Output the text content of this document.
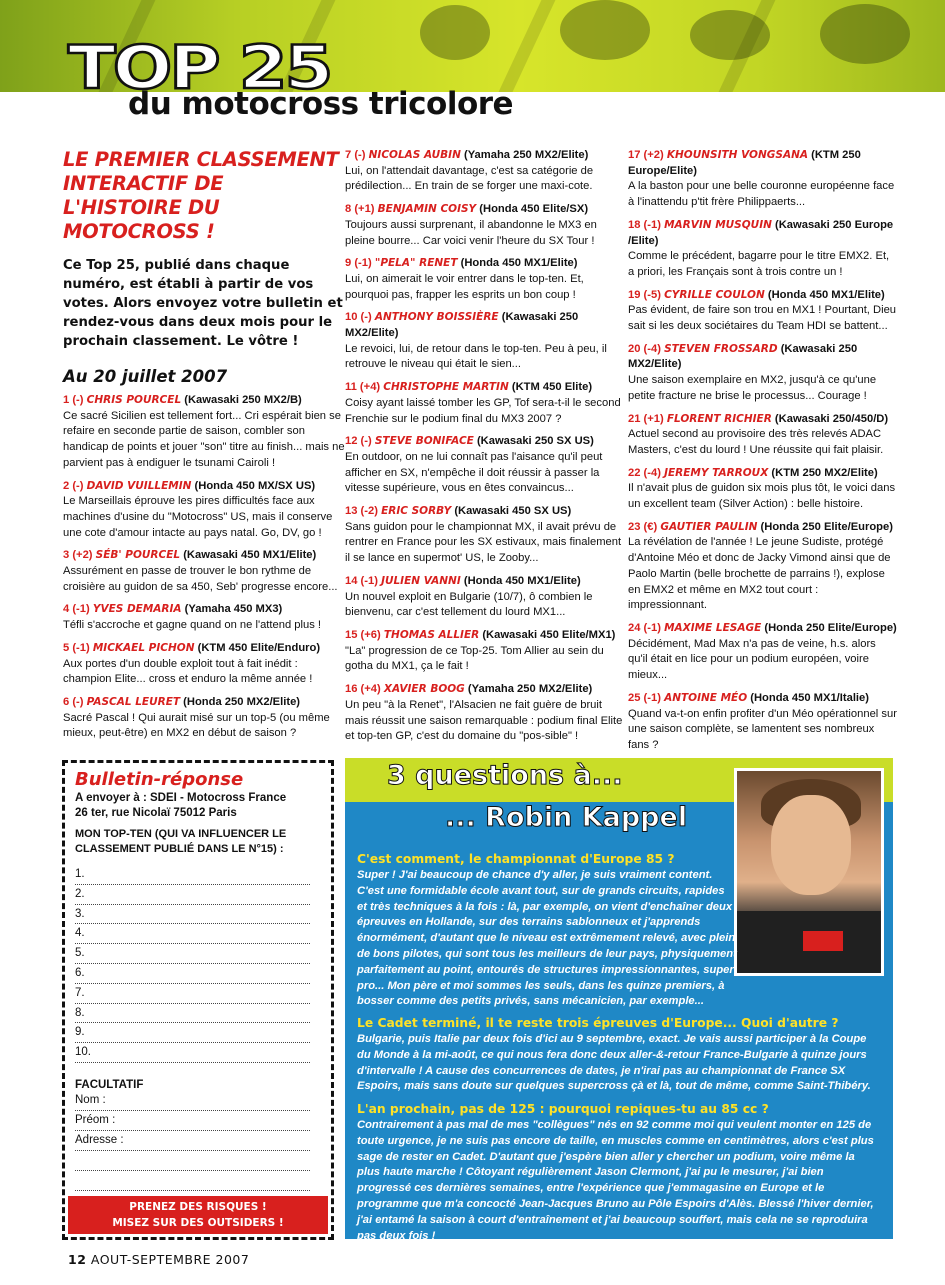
TOP 25
du motocross tricolore
LE PREMIER CLASSEMENT INTERACTIF DE L'HISTOIRE DU MOTOCROSS !
Ce Top 25, publié dans chaque numéro, est établi à partir de vos votes. Alors envoyez votre bulletin et rendez-vous dans deux mois pour le prochain classement. Le vôtre !
Au 20 juillet 2007
1 (-) CHRIS POURCEL (Kawasaki 250 MX2/B)
Ce sacré Sicilien est tellement fort... Cri espérait bien se refaire en seconde partie de saison, combler son handicap de points et jouer "son" titre au finish... mais ne parvient pas à endiguer le tsunami Cairoli !
2 (-) DAVID VUILLEMIN (Honda 450 MX/SX US)
Le Marseillais éprouve les pires difficultés face aux machines d'usine du "Motocross" US, mais il conserve une cote d'amour intacte au pays natal. Go, DV, go !
3 (+2) SÉB' POURCEL (Kawasaki 450 MX1/Elite)
Assurément en passe de trouver le bon rythme de croisière au guidon de sa 450, Seb' progresse encore...
4 (-1) YVES DEMARIA (Yamaha 450 MX3)
Téfli s'accroche et gagne quand on ne l'attend plus !
5 (-1) MICKAEL PICHON (KTM 450 Elite/Enduro)
Aux portes d'un double exploit tout à fait inédit : champion Elite... cross et enduro la même année !
6 (-) PASCAL LEURET (Honda 250 MX2/Elite)
Sacré Pascal ! Qui aurait misé sur un top-5 (ou même mieux, peut-être) en MX2 en début de saison ?
7 (-) NICOLAS AUBIN (Yamaha 250 MX2/Elite)
Lui, on l'attendait davantage, c'est sa catégorie de prédilection... En train de se forger une maxi-cote.
8 (+1) BENJAMIN COISY (Honda 450 Elite/SX)
Toujours aussi surprenant, il abandonne le MX3 en pleine bourre... Car voici venir l'heure du SX Tour !
9 (-1) "PELA" RENET (Honda 450 MX1/Elite)
Lui, on aimerait le voir entrer dans le top-ten. Et, pourquoi pas, frapper les esprits un bon coup !
10 (-) ANTHONY BOISSIÈRE (Kawasaki 250 MX2/Elite)
Le revoici, lui, de retour dans le top-ten. Peu à peu, il retrouve le niveau qui était le sien...
11 (+4) CHRISTOPHE MARTIN (KTM 450 Elite)
Coisy ayant laissé tomber les GP, Tof sera-t-il le second Frenchie sur le podium final du MX3 2007 ?
12 (-) STEVE BONIFACE (Kawasaki 250 SX US)
En outdoor, on ne lui connaît pas l'aisance qu'il peut afficher en SX, n'empêche il doit réussir à passer la vitesse supérieure, vous en êtes convaincus...
13 (-2) ERIC SORBY (Kawasaki 450 SX US)
Sans guidon pour le championnat MX, il avait prévu de rentrer en France pour les SX estivaux, mais finalement il se lance en supermot' US, le Zooby...
14 (-1) JULIEN VANNI (Honda 450 MX1/Elite)
Un nouvel exploit en Bulgarie (10/7), ô combien le bienvenu, car c'est tellement du lourd MX1...
15 (+6) THOMAS ALLIER (Kawasaki 450 Elite/MX1)
"La" progression de ce Top-25. Tom Allier au sein du gotha du MX1, ça le fait !
16 (+4) XAVIER BOOG (Yamaha 250 MX2/Elite)
Un peu "à la Renet", l'Alsacien ne fait guère de bruit mais réussit une saison remarquable : podium final Elite et top-ten GP, c'est du domaine du "pos-sible" !
17 (+2) KHOUNSITH VONGSANA (KTM 250 Europe/Elite)
A la baston pour une belle couronne européenne face à l'inattendu p'tit frère Philippaerts...
18 (-1) MARVIN MUSQUIN (Kawasaki 250 Europe /Elite)
Comme le précédent, bagarre pour le titre EMX2. Et, a priori, les Français sont à trois contre un !
19 (-5) CYRILLE COULON (Honda 450 MX1/Elite)
Pas évident, de faire son trou en MX1 ! Pourtant, Dieu sait si les deux sociétaires du Team HDI se battent...
20 (-4) STEVEN FROSSARD (Kawasaki 250 MX2/Elite)
Une saison exemplaire en MX2, jusqu'à ce qu'une petite fracture ne brise le processus... Courage !
21 (+1) FLORENT RICHIER (Kawasaki 250/450/D)
Actuel second au provisoire des très relevés ADAC Masters, c'est du lourd ! Une réussite qui fait plaisir.
22 (-4) JEREMY TARROUX (KTM 250 MX2/Elite)
Il n'avait plus de guidon six mois plus tôt, le voici dans un excellent team (Silver Action) : belle histoire.
23 (€) GAUTIER PAULIN (Honda 250 Elite/Europe)
La révélation de l'année ! Le jeune Sudiste, protégé d'Antoine Méo et donc de Jacky Vimond ainsi que de Paolo Martin (belle brochette de parrains !), explose en EMX2 et même en MX2 tout court : impressionnant.
24 (-1) MAXIME LESAGE (Honda 250 Elite/Europe)
Décidément, Mad Max n'a pas de veine, h.s. alors qu'il était en lice pour un podium européen, voire mieux...
25 (-1) ANTOINE MÉO (Honda 450 MX1/Italie)
Quand va-t-on enfin profiter d'un Méo opérationnel sur une saison complète, se lamentent ses nombreux fans ?
Bulletin-réponse
A envoyer à : SDEI - Motocross France
26 ter, rue Nicolaï 75012 Paris
MON TOP-TEN (QUI VA INFLUENCER LE CLASSEMENT PUBLIÉ DANS LE N°15) :
1.
2.
3.
4.
5.
6.
7.
8.
9.
10.
FACULTATIF
Nom :
Préom :
Adresse :
PRENEZ DES RISQUES !
MISEZ SUR DES OUTSIDERS !
3 questions à...
... Robin Kappel
C'est comment, le championnat d'Europe 85 ?
Super ! J'ai beaucoup de chance d'y aller, je suis vraiment content. C'est une formidable école avant tout, sur de grands circuits, rapides et très techniques à la fois : là, par exemple, on vient d'enchaîner deux épreuves en Hollande, sur des terrains sablonneux et j'apprends énormément, d'autant que le niveau est extrêmement relevé, avec plein de bons pilotes, qui sont tous les meilleurs de leur pays, physiquement parfaitement au point, entourés de structures impressionnantes, super pro... Mon père et moi sommes les seuls, dans les quinze premiers, à bosser comme des petits privés, sans mécanicien, par exemple...
Le Cadet terminé, il te reste trois épreuves d'Europe... Quoi d'autre ?
Bulgarie, puis Italie par deux fois d'ici au 9 septembre, exact. Je vais aussi participer à la Coupe du Monde à la mi-août, ce qui nous fera donc deux aller-&-retour France-Bulgarie à quinze jours d'intervalle ! A cause des concurrences de dates, je n'irai pas au championnat de France SX Espoirs, mais sans doute sur quelques supercross çà et là, tout de même, comme Saint-Thibéry.
L'an prochain, pas de 125 : pourquoi repiques-tu au 85 cc ?
Contrairement à pas mal de mes "collègues" nés en 92 comme moi qui veulent monter en 125 de toute urgence, je ne suis pas encore de taille, en muscles comme en centimètres, alors c'est plus sage de rester en Cadet. D'autant que j'espère bien aller y chercher un podium, voire même la plus haute marche ! Côtoyant régulièrement Jason Clermont, j'ai pu le mesurer, j'ai bien progressé ces dernières semaines, entre l'expérience que j'emmagasine en Europe et le programme que m'a concocté Jean-Jacques Bruno au Pôle Espoirs d'Alès. Blessé l'hiver dernier, j'ai entamé la saison à court d'entraînement et j'ai beaucoup souffert, mais cela ne se reproduira pas deux fois !
12 AOUT-SEPTEMBRE 2007
